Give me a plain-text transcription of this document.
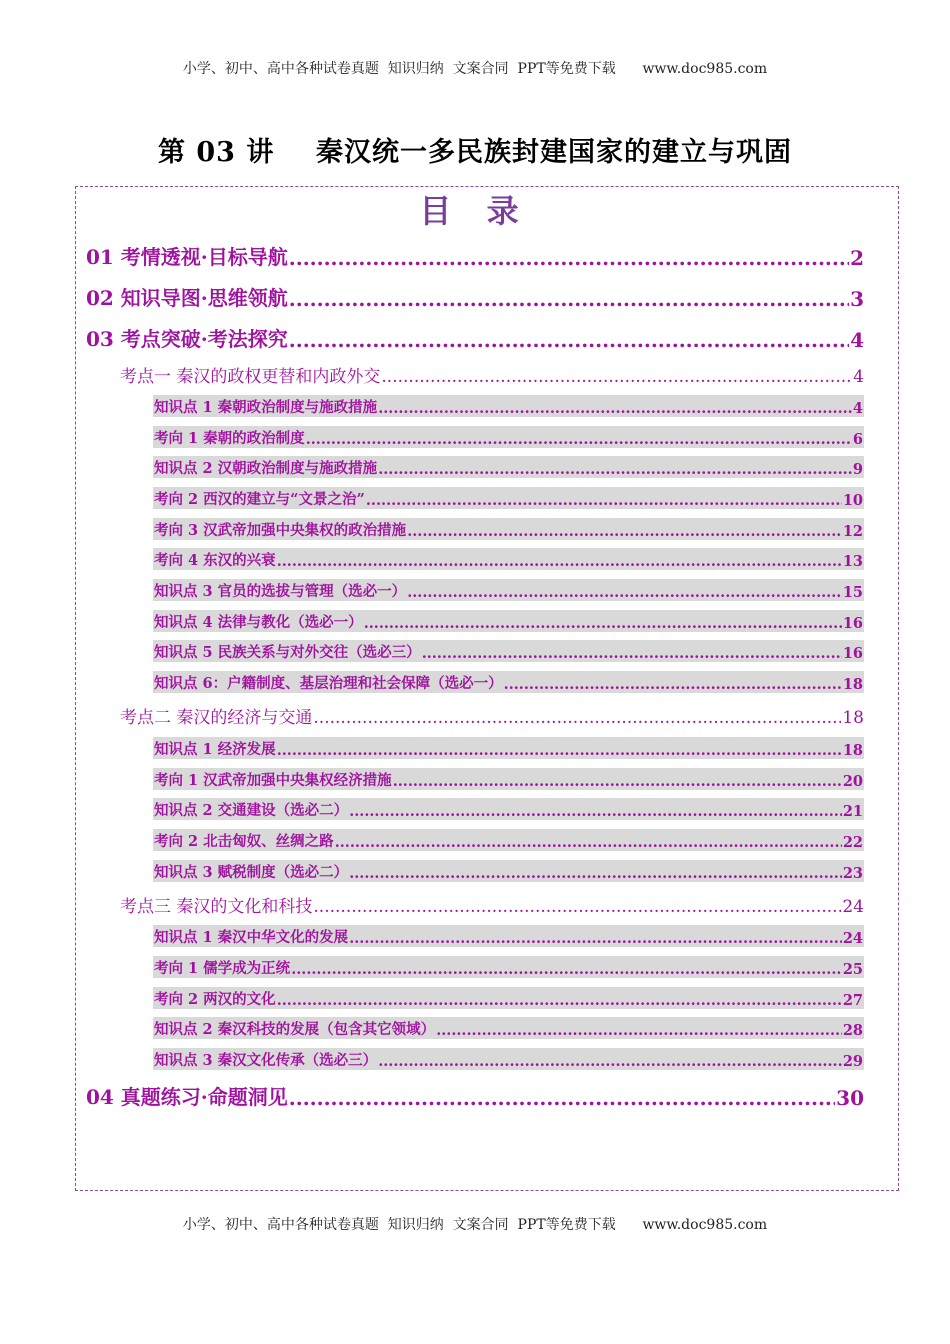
小学、初中、高中各种试卷真题  知识归纳  文案合同  PPT等免费下载      www.doc985.com
第 03 讲    秦汉统一多民族封建国家的建立与巩固
目 录
01 考情透视·目标导航 .....	2
02 知识导图·思维领航 .....	3
03 考点突破·考法探究 .....	4
考点一 秦汉的政权更替和内政外交 .....	4
知识点 1 秦朝政治制度与施政措施 .....	4
考向 1 秦朝的政治制度 .....	6
知识点 2 汉朝政治制度与施政措施 .....	9
考向 2 西汉的建立与“文景之治” .....	10
考向 3 汉武帝加强中央集权的政治措施 .....	12
考向 4 东汉的兴衰 .....	13
知识点 3 官员的选拔与管理（选必一） .....	15
知识点 4 法律与教化（选必一） .....	16
知识点 5 民族关系与对外交往（选必三） .....	16
知识点 6：户籍制度、基层治理和社会保障（选必一） .....	18
考点二 秦汉的经济与交通 .....	18
知识点 1 经济发展 .....	18
考向 1 汉武帝加强中央集权经济措施 .....	20
知识点 2 交通建设（选必二） .....	21
考向 2 北击匈奴、丝绸之路 .....	22
知识点 3 赋税制度（选必二） .....	23
考点三 秦汉的文化和科技 .....	24
知识点 1 秦汉中华文化的发展 .....	24
考向 1 儒学成为正统 .....	25
考向 2 两汉的文化 .....	27
知识点 2 秦汉科技的发展（包含其它领域） .....	28
知识点 3 秦汉文化传承（选必三） .....	29
04 真题练习·命题洞见 .....	30
小学、初中、高中各种试卷真题  知识归纳  文案合同  PPT等免费下载      www.doc985.com
